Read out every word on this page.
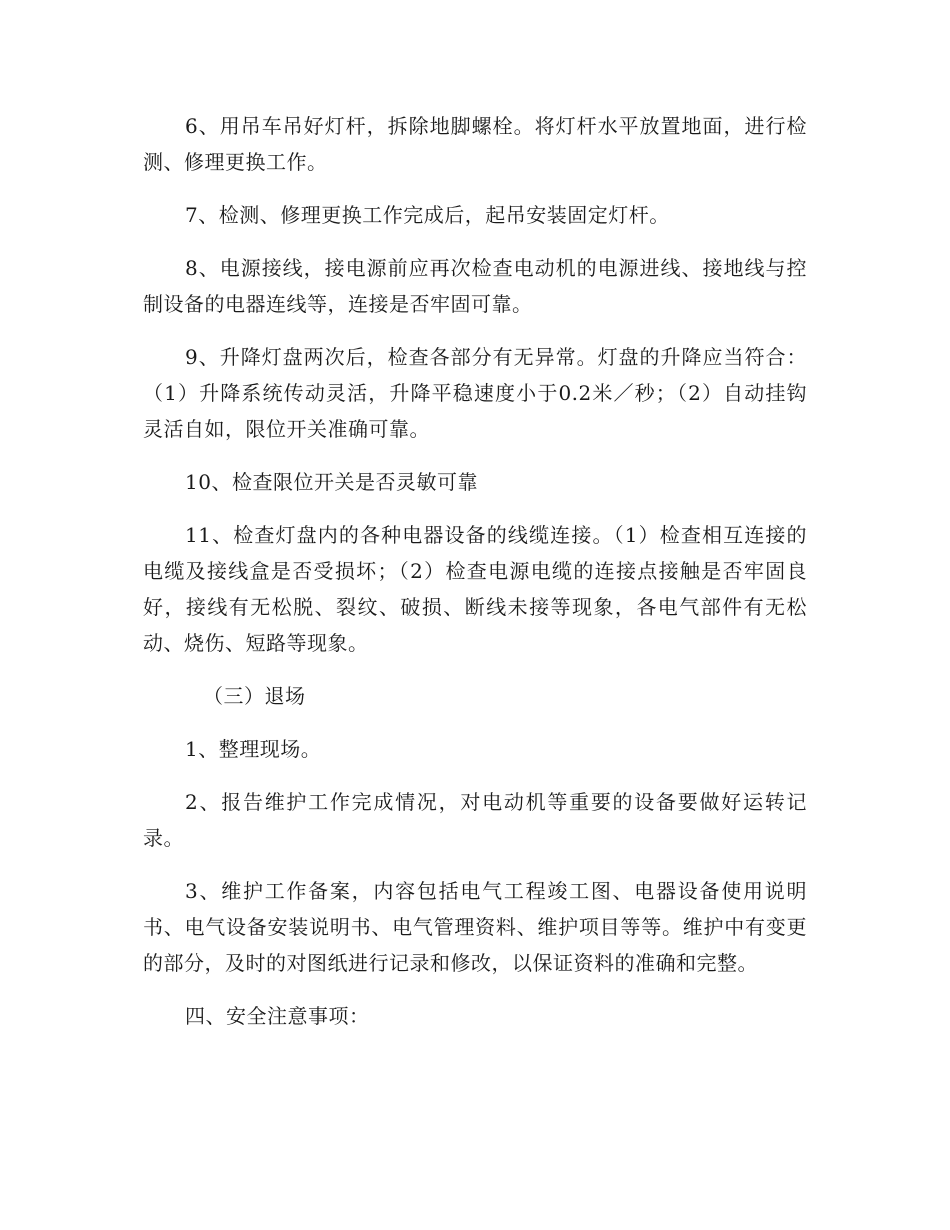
6、用吊车吊好灯杆，拆除地脚螺栓。将灯杆水平放置地面，进行检测、修理更换工作。

7、检测、修理更换工作完成后，起吊安装固定灯杆。

8、电源接线，接电源前应再次检查电动机的电源进线、接地线与控制设备的电器连线等，连接是否牢固可靠。

9、升降灯盘两次后，检查各部分有无异常。灯盘的升降应当符合：（1）升降系统传动灵活，升降平稳速度小于0.2米／秒；（2）自动挂钩灵活自如，限位开关准确可靠。

10、检查限位开关是否灵敏可靠

11、检查灯盘内的各种电器设备的线缆连接。（1）检查相互连接的电缆及接线盒是否受损坏；（2）检查电源电缆的连接点接触是否牢固良好，接线有无松脱、裂纹、破损、断线未接等现象，各电气部件有无松动、烧伤、短路等现象。

（三）退场

1、整理现场。

2、报告维护工作完成情况，对电动机等重要的设备要做好运转记录。

3、维护工作备案，内容包括电气工程竣工图、电器设备使用说明书、电气设备安装说明书、电气管理资料、维护项目等等。维护中有变更的部分，及时的对图纸进行记录和修改，以保证资料的准确和完整。

四、安全注意事项：
